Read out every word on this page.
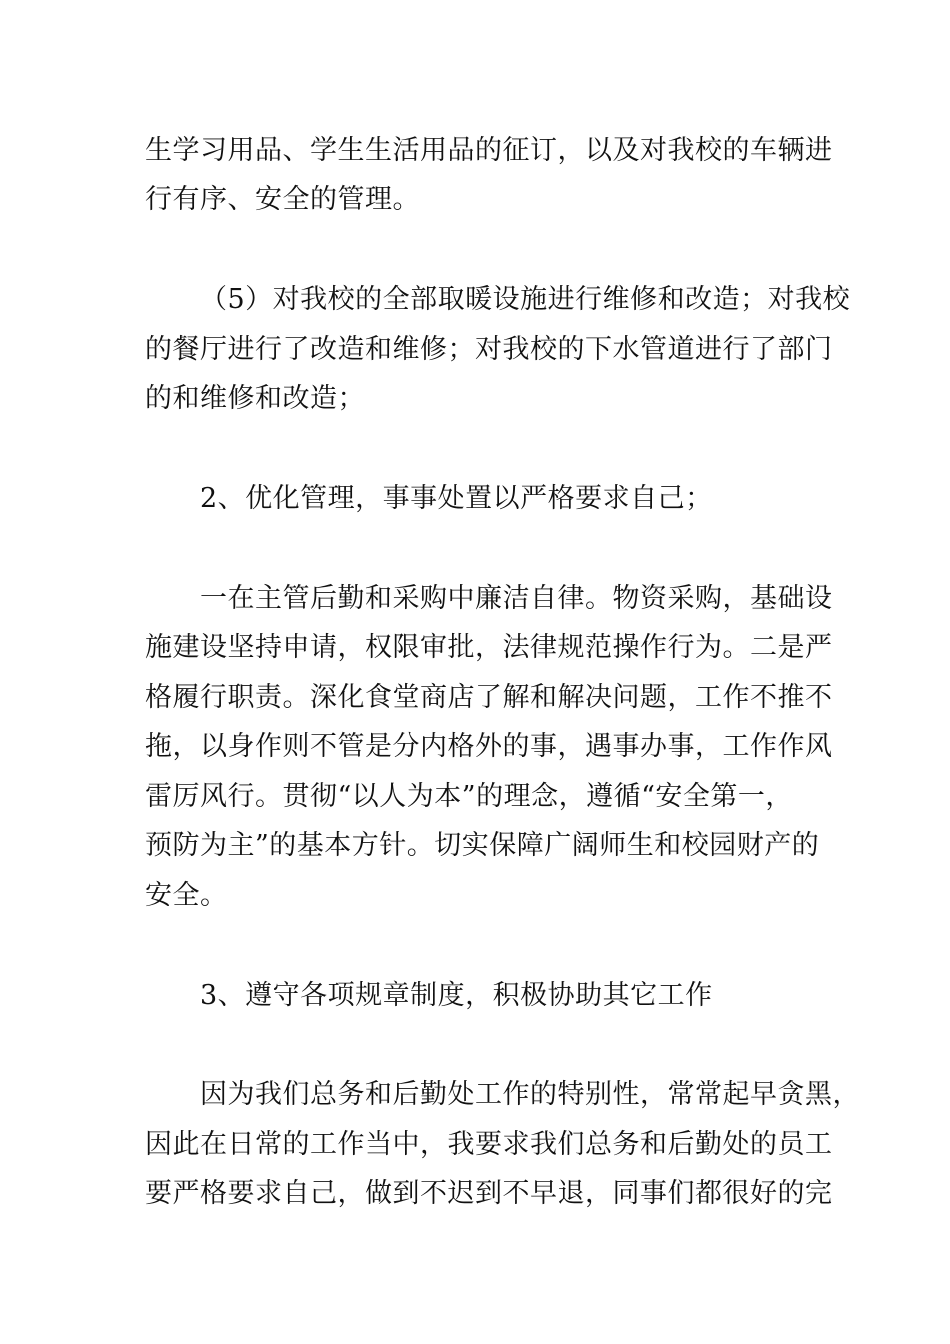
生学习用品、学生生活用品的征订，以及对我校的车辆进
行有序、安全的管理。
（5）对我校的全部取暖设施进行维修和改造；对我校
的餐厅进行了改造和维修；对我校的下水管道进行了部门
的和维修和改造；
2、优化管理，事事处置以严格要求自己；
一在主管后勤和采购中廉洁自律。物资采购，基础设
施建设坚持申请，权限审批，法律规范操作行为。二是严
格履行职责。深化食堂商店了解和解决问题，工作不推不
拖，以身作则不管是分内格外的事，遇事办事，工作作风
雷厉风行。贯彻“以人为本”的理念，遵循“安全第一，
预防为主”的基本方针。切实保障广阔师生和校园财产的
安全。
3、遵守各项规章制度，积极协助其它工作
因为我们总务和后勤处工作的特别性，常常起早贪黑，
因此在日常的工作当中，我要求我们总务和后勤处的员工
要严格要求自己，做到不迟到不早退，同事们都很好的完
